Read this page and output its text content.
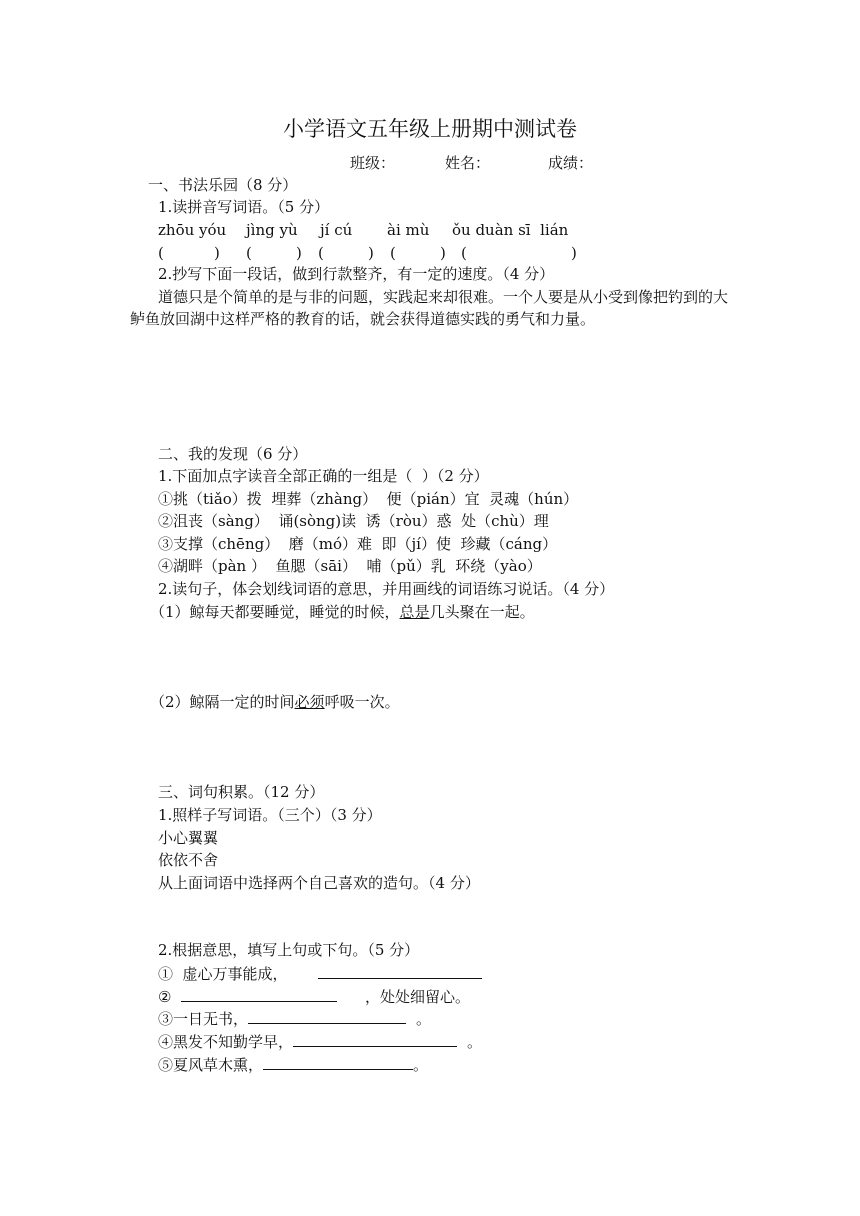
小学语文五年级上册期中测试卷
班级：	姓名：	成绩：
一、书法乐园（8 分）
1.读拼音写词语。（5 分）
zhōu yóu jìng yù jí cú ài mù ǒu duàn sī  lián
(	) (	) (	) (	) (	)
2.抄写下面一段话，做到行款整齐，有一定的速度。（4 分）
道德只是个简单的是与非的问题，实践起来却很难。一个人要是从小受到像把钓到的大鲈鱼放回湖中这样严格的教育的话，就会获得道德实践的勇气和力量。
二、我的发现（6 分）
1.下面加点字读音全部正确的一组是（  ）（2 分）
①挑（tiǎo）拨  埋葬（zhàng）  便（pián）宜  灵魂（hún）
②沮丧（sàng）  诵(sòng)读  诱（ròu）惑  处（chù）理
③支撑（chēng）  磨（mó）难  即（jí）使  珍藏（cáng）
④湖畔（pàn ）  鱼腮（sāi）  哺（pǔ）乳  环绕（yào）
2.读句子，体会划线词语的意思，并用画线的词语练习说话。（4 分）
（1）鲸每天都要睡觉，睡觉的时候，总是几头聚在一起。
（2）鲸隔一定的时间必须呼吸一次。
三、词句积累。（12 分）
1.照样子写词语。（三个）（3 分）
小心翼翼
依依不舍
从上面词语中选择两个自己喜欢的造句。（4 分）
2.根据意思，填写上句或下句。（5 分）
①  虚心万事能成，
②	，处处细留心。
③一日无书，	。
④黑发不知勤学早，	。
⑤夏风草木熏，	。
